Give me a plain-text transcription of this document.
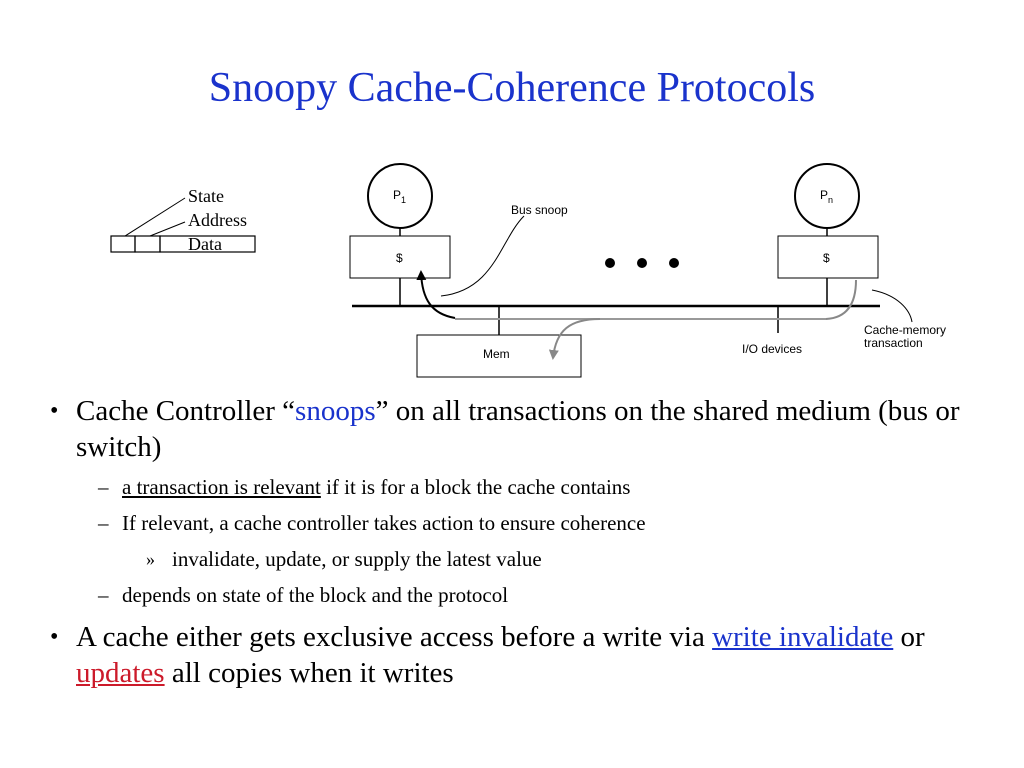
Snoopy Cache-Coherence Protocols
State
Address
Data
$P_1$
$
$P_n$
$
Mem	I/O devices
Bus snoop
Cache-memory transaction
• Cache Controller “snoops” on all transactions on the shared medium (bus or switch)
– a transaction is relevant if it is for a block the cache contains
– If relevant, a cache controller takes action to ensure coherence
» invalidate, update, or supply the latest value
– depends on state of the block and the protocol
• A cache either gets exclusive access before a write via write invalidate or updates all copies when it writes
